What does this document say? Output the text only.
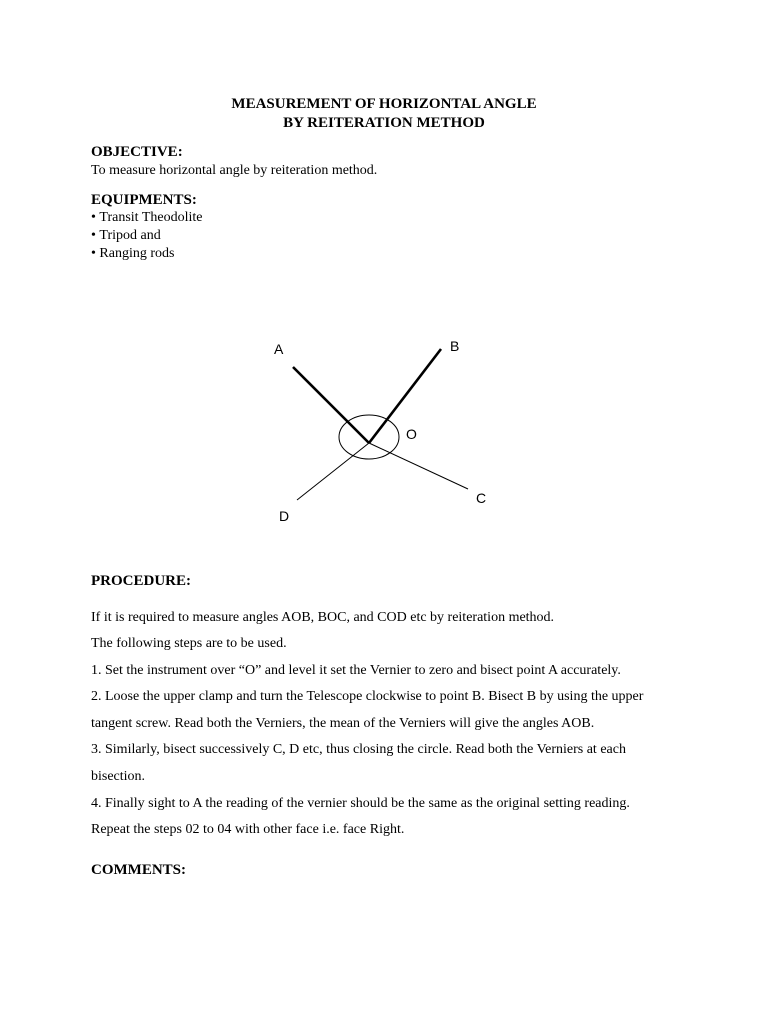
MEASUREMENT OF HORIZONTAL ANGLE
BY REITERATION METHOD
OBJECTIVE:
To measure horizontal angle by reiteration method.
EQUIPMENTS:
• Transit Theodolite
• Tripod and
• Ranging rods
A	B
C
D
O
PROCEDURE:
If it is required to measure angles AOB, BOC, and COD etc by reiteration method.
The following steps are to be used.
1. Set the instrument over “O” and level it set the Vernier to zero and bisect point A accurately.
2. Loose the upper clamp and turn the Telescope clockwise to point B. Bisect B by using the upper
tangent screw. Read both the Verniers, the mean of the Verniers will give the angles AOB.
3. Similarly, bisect successively C, D etc, thus closing the circle. Read both the Verniers at each
bisection.
4. Finally sight to A the reading of the vernier should be the same as the original setting reading.
Repeat the steps 02 to 04 with other face i.e. face Right.
COMMENTS:
